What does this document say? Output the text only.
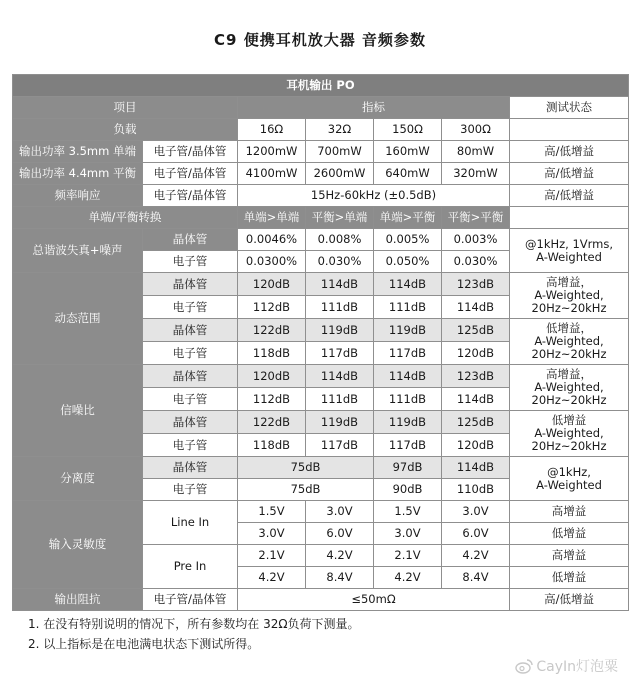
C9 便携耳机放大器 音频参数
耳机输出 PO						
项目		指标				测试状态
负载		16Ω	32Ω	150Ω	300Ω	
输出功率 3.5mm 单端	电子管/晶体管	1200mW	700mW	160mW	80mW	高/低增益
输出功率 4.4mm 平衡	电子管/晶体管	4100mW	2600mW	640mW	320mW	高/低增益
频率响应	电子管/晶体管	15Hz-60kHz (±0.5dB)				高/低增益
单端/平衡转换		单端>单端	平衡>单端	单端>平衡	平衡>平衡	
总谐波失真+噪声	晶体管	0.0046%	0.008%	0.005%	0.003%	@1kHz, 1Vrms,
A-Weighted
	电子管	0.0300%	0.030%	0.050%	0.030%	
动态范围	晶体管	120dB	114dB	114dB	123dB	高增益，
A-Weighted,
20Hz~20kHz
	电子管	112dB	111dB	111dB	114dB	
	晶体管	122dB	119dB	119dB	125dB	低增益，
A-Weighted,
20Hz~20kHz
	电子管	118dB	117dB	117dB	120dB	
信噪比	晶体管	120dB	114dB	114dB	123dB	高增益，
A-Weighted,
20Hz~20kHz
	电子管	112dB	111dB	111dB	114dB	
	晶体管	122dB	119dB	119dB	125dB	低增益
A-Weighted,
20Hz~20kHz
	电子管	118dB	117dB	117dB	120dB	
分离度	晶体管	75dB		97dB	114dB	@1kHz,
A-Weighted
	电子管	75dB		90dB	110dB	
输入灵敏度	Line In	1.5V	3.0V	1.5V	3.0V	高增益
		3.0V	6.0V	3.0V	6.0V	低增益
	Pre In	2.1V	4.2V	2.1V	4.2V	高增益
		4.2V	8.4V	4.2V	8.4V	低增益
输出阻抗	电子管/晶体管	≤50mΩ				高/低增益
1. 在没有特别说明的情况下，所有参数均在 32Ω负荷下测量。
2. 以上指标是在电池满电状态下测试所得。
CayIn灯泡粟
